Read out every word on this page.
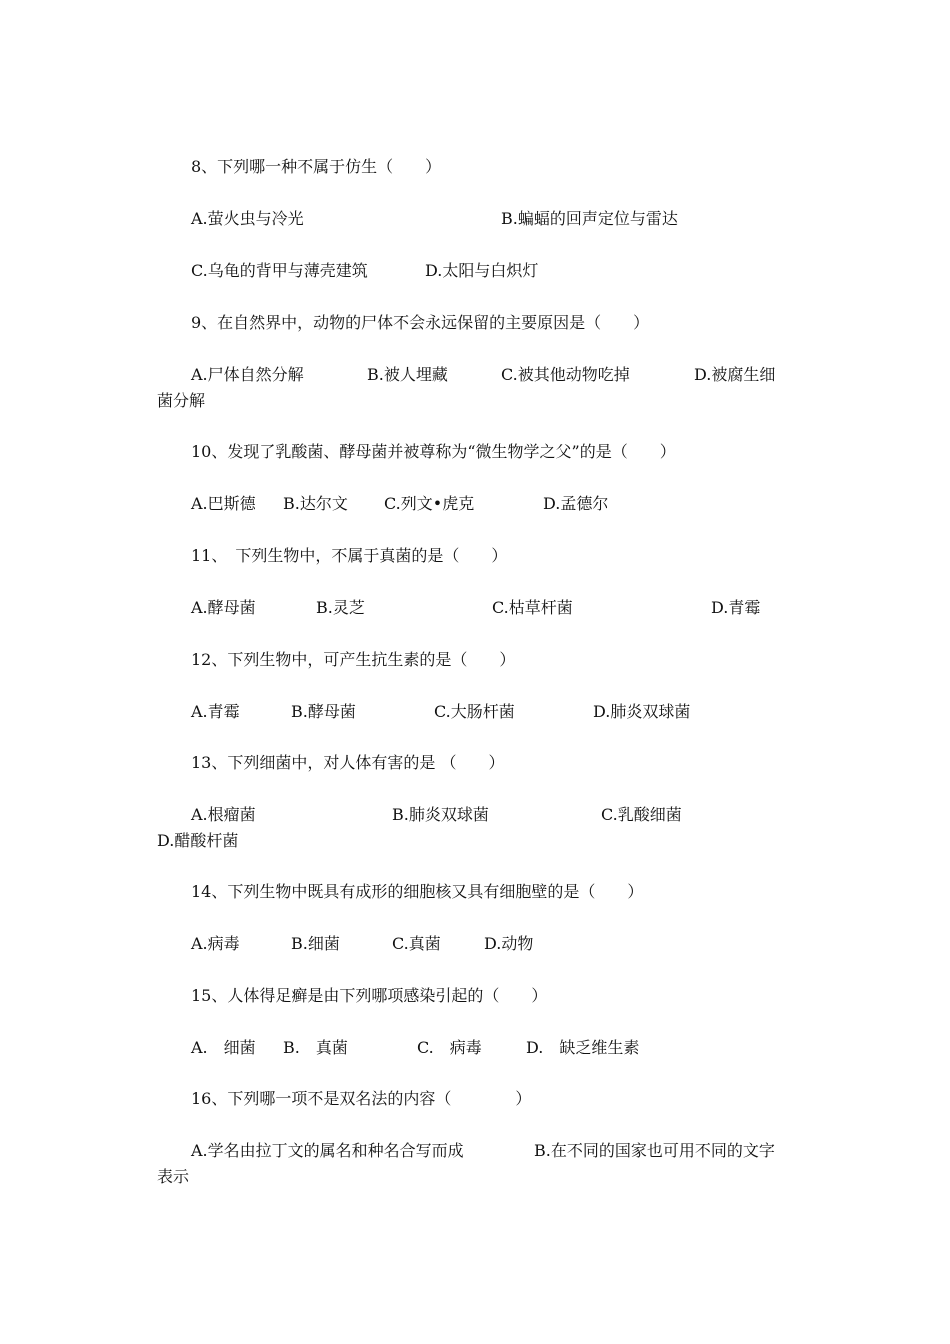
8、下列哪一种不属于仿生（　　）
A.萤火虫与冷光	B.蝙蝠的回声定位与雷达
C.乌龟的背甲与薄壳建筑	D.太阳与白炽灯
9、在自然界中，动物的尸体不会永远保留的主要原因是（　　）
A.尸体自然分解	B.被人埋藏	C.被其他动物吃掉	D.被腐生细
菌分解
10、发现了乳酸菌、酵母菌并被尊称为“微生物学之父”的是（　　）
A.巴斯德 B.达尔文 C.列文•虎克	D.孟德尔
11、　下列生物中，不属于真菌的是（　　）
A.酵母菌	B.灵芝	C.枯草杆菌	D.青霉
12、下列生物中，可产生抗生素的是（　　）
A.青霉	B.酵母菌	C.大肠杆菌	D.肺炎双球菌
13、下列细菌中，对人体有害的是 （　　）
A.根瘤菌	B.肺炎双球菌	C.乳酸细菌
D.醋酸杆菌
14、下列生物中既具有成形的细胞核又具有细胞壁的是（　　）
A.病毒	B.细菌	C.真菌	D.动物
15、人体得足癣是由下列哪项感染引起的（　　）
A.　细菌 B.　真菌	C.　病毒	D.　缺乏维生素
16、下列哪一项不是双名法的内容（　　　　）
A.学名由拉丁文的属名和种名合写而成	B.在不同的国家也可用不同的文字
表示
